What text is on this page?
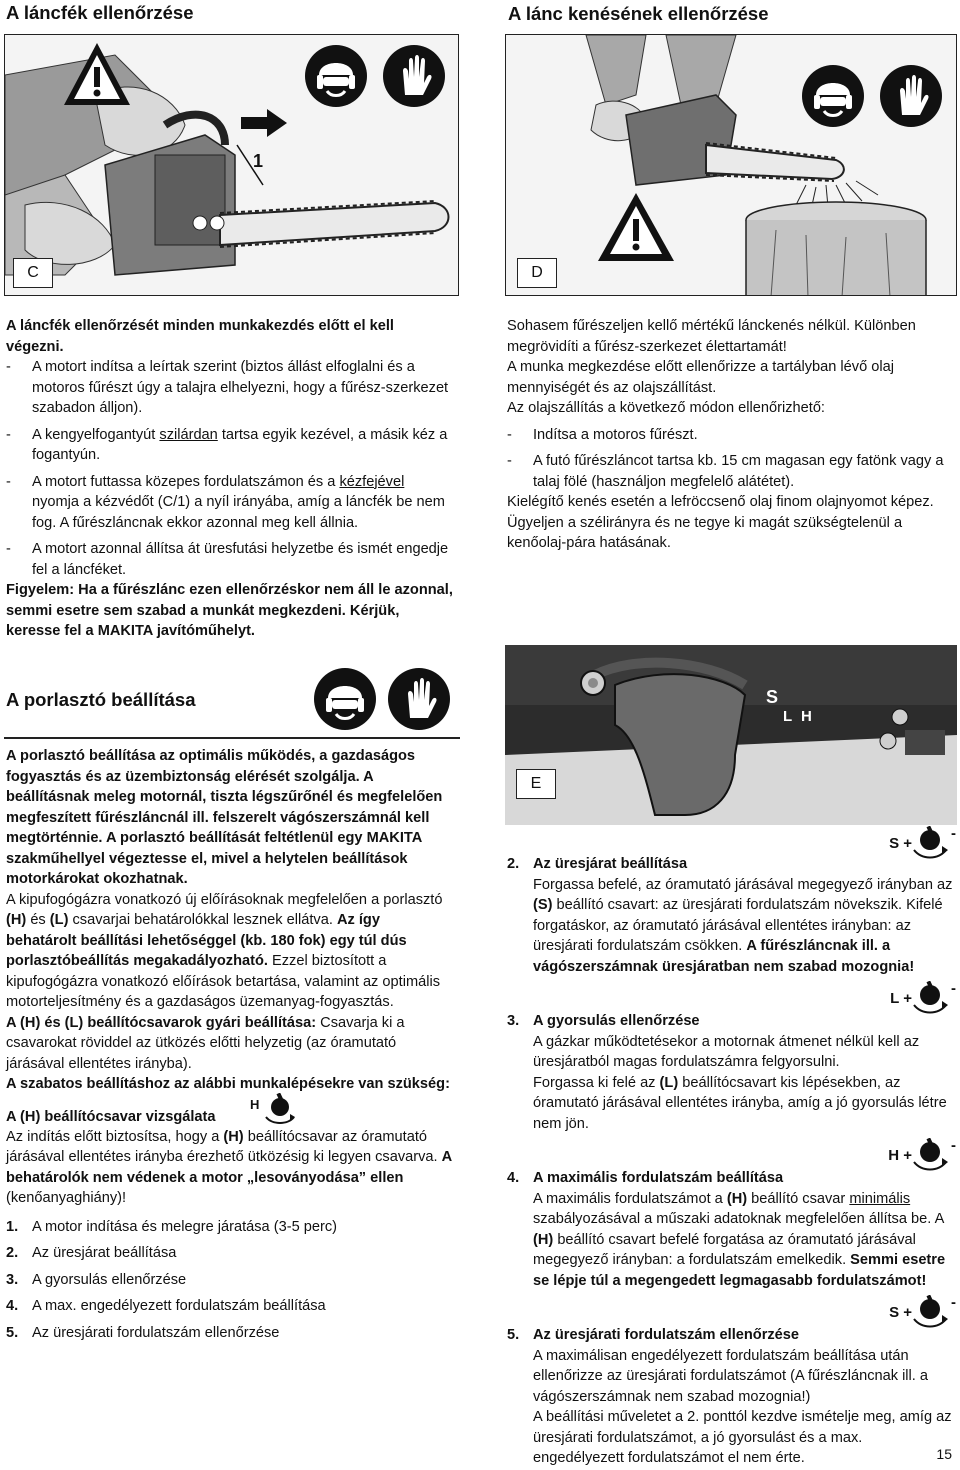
A láncfék ellenőrzése	A lánc kenésének ellenőrzése
1
C	D

A láncfék ellenőrzését minden munkakezdés előtt el kell végezni.

-	A motort indítsa a leírtak szerint (biztos állást elfoglalni és a motoros fűrészt úgy a talajra elhelyezni, hogy a fűrész-szerkezet szabadon álljon).
-	A kengyelfogantyút szilárdan tartsa egyik kezével, a másik kéz a fogantyún.
-	A motort futtassa közepes fordulatszámon és a kézfejével nyomja a kézvédőt (C/1) a nyíl irányába, amíg a láncfék be nem fog. A fűrészláncnak ekkor azonnal meg kell állnia.
-	A motort azonnal állítsa át üresfutási helyzetbe és ismét engedje fel a láncféket.

Figyelem: Ha a fűrészlánc ezen ellenőrzéskor nem áll le azonnal, semmi esetre sem szabad a munkát megkezdeni. Kérjük, keresse fel a MAKITA javítóműhelyt.

Sohasem fűrészeljen kellő mértékű lánckenés nélkül. Különben megrövidíti a fűrész-szerkezet élettartamát!

A munka megkezdése előtt ellenőrizze a tartályban lévő olaj mennyiségét és az olajszállítást.

Az olajszállítás a következő módon ellenőrizhető:

-	Indítsa a motoros fűrészt.
-	A futó fűrészláncot tartsa kb. 15 cm magasan egy fatönk vagy a talaj fölé (használjon megfelelő alátétet).

Kielégítő kenés esetén a lefröccsenő olaj finom olajnyomot képez. Ügyeljen a szélirányra és ne tegye ki magát szükségtelenül a kenőolaj-pára hatásának.

A porlasztó beállítása

A porlasztó beállítása az optimális működés, a gazdaságos fogyasztás és az üzembiztonság elérését szolgálja. A beállításnak meleg motornál, tiszta légszűrőnél és megfelelően megfeszített fűrészláncnál ill. felszerelt vágószerszámnál kell megtörténnie. A porlasztó beállítását feltétlenül egy MAKITA szakműhellyel végeztesse el, mivel a helytelen beállítások motorkárokat okozhatnak.

A kipufogógázra vonatkozó új előírásoknak megfelelően a porlasztó (H) és (L) csavarjai behatárolókkal lesznek ellátva. Az így behatárolt beállítási lehetőséggel (kb. 180 fok) egy túl dús porlasztóbeállítás megakadályozható. Ezzel biztosított a kipufogógázra vonatkozó előírások betartása, valamint az optimális motorteljesítmény és a gazdaságos üzemanyag-fogyasztás.

A (H) és (L) beállítócsavarok gyári beállítása: Csavarja ki a csavarokat röviddel az ütközés előtti helyzetig (az óramutató járásával ellentétes irányba).

A szabatos beállításhoz az alábbi munkalépésekre van szükség:

A (H) beállítócsavar vizsgálata
H

Az indítás előtt biztosítsa, hogy a (H) beállítócsavar az óramutató járásával ellentétes irányba érezhető ütközésig ki legyen csavarva. A behatárolók nem védenek a motor „lesoványodása” ellen (kenőanyaghiány)!

1. A motor indítása és melegre járatása (3-5 perc)
2. Az üresjárat beállítása
3. A gyorsulás ellenőrzése
4. A max. engedélyezett fordulatszám beállítása
5. Az üresjárati fordulatszám ellenőrzése
S
L H
E
S +
-
2. Az üresjárat beállítása

Forgassa befelé, az óramutató járásával megegyező irányban az (S) beállító csavart: az üresjárati fordulatszám növekszik. Kifelé forgatáskor, az óramutató járásával ellentétes irányban: az üresjárati fordulatszám csökken. A fűrészláncnak ill. a vágószerszámnak üresjáratban nem szabad mozognia!

L +
-
3. A gyorsulás ellenőrzése

A gázkar működtetésekor a motornak átmenet nélkül kell az üresjáratból magas fordulatszámra felgyorsulni.

Forgassa ki felé az (L) beállítócsavart kis lépésekben, az óramutató járásával ellentétes irányba, amíg a jó gyorsulás létre nem jön.

H +
-
4. A maximális fordulatszám beállítása

A maximális fordulatszámot a (H) beállító csavar minimális szabályozásával a műszaki adatoknak megfelelően állítsa be. A (H) beállító csavart befelé forgatása az óramutató járásával megegyező irányban: a fordulatszám emelkedik. Semmi esetre se lépje túl a megengedett legmagasabb fordulatszámot!

S +
-
5. Az üresjárati fordulatszám ellenőrzése

A maximálisan engedélyezett fordulatszám beállítása után ellenőrizze az üresjárati fordulatszámot (A fűrészláncnak ill. a vágószerszámnak nem szabad mozognia!)

A beállítási műveletet a 2. ponttól kezdve ismételje meg, amíg az üresjárati fordulatszámot, a jó gyorsulást és a max. engedélyezett fordulatszámot el nem érte.	15
